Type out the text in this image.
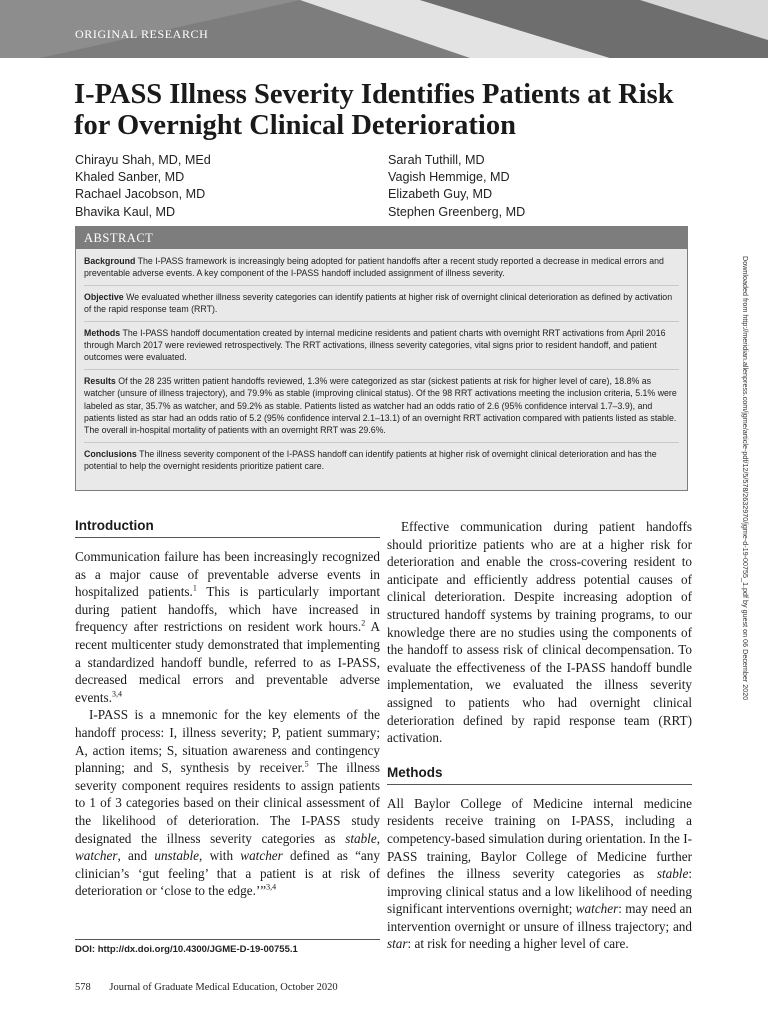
ORIGINAL RESEARCH
I-PASS Illness Severity Identifies Patients at Risk for Overnight Clinical Deterioration
Chirayu Shah, MD, MEd
Khaled Sanber, MD
Rachael Jacobson, MD
Bhavika Kaul, MD
Sarah Tuthill, MD
Vagish Hemmige, MD
Elizabeth Guy, MD
Stephen Greenberg, MD
ABSTRACT

Background The I-PASS framework is increasingly being adopted for patient handoffs after a recent study reported a decrease in medical errors and preventable adverse events. A key component of the I-PASS handoff included assignment of illness severity.

Objective We evaluated whether illness severity categories can identify patients at higher risk of overnight clinical deterioration as defined by activation of the rapid response team (RRT).

Methods The I-PASS handoff documentation created by internal medicine residents and patient charts with overnight RRT activations from April 2016 through March 2017 were reviewed retrospectively. The RRT activations, illness severity categories, vital signs prior to resident handoff, and patient outcomes were evaluated.

Results Of the 28 235 written patient handoffs reviewed, 1.3% were categorized as star (sickest patients at risk for higher level of care), 18.8% as watcher (unsure of illness trajectory), and 79.9% as stable (improving clinical status). Of the 98 RRT activations meeting the inclusion criteria, 5.1% were labeled as star, 35.7% as watcher, and 59.2% as stable. Patients listed as watcher had an odds ratio of 2.6 (95% confidence interval 1.7–3.9), and patients listed as star had an odds ratio of 5.2 (95% confidence interval 2.1–13.1) of an overnight RRT activation compared with patients listed as stable. The overall in-hospital mortality of patients with an overnight RRT was 29.6%.

Conclusions The illness severity component of the I-PASS handoff can identify patients at higher risk of overnight clinical deterioration and has the potential to help the overnight residents prioritize patient care.

Introduction

Communication failure has been increasingly recognized as a major cause of preventable adverse events in hospitalized patients.$^1$ This is particularly important during patient handoffs, which have increased in frequency after restrictions on resident work hours.$^2$ A recent multicenter study demonstrated that implementing a standardized handoff bundle, referred to as I-PASS, decreased medical errors and preventable adverse events.$^{3,4}$

I-PASS is a mnemonic for the key elements of the handoff process: I, illness severity; P, patient summary; A, action items; S, situation awareness and contingency planning; and S, synthesis by receiver.$^5$ The illness severity component requires residents to assign patients to 1 of 3 categories based on their clinical assessment of the likelihood of deterioration. The I-PASS study designated the illness severity categories as stable, watcher, and unstable, with watcher defined as “any clinician’s ‘gut feeling’ that a patient is at risk of deterioration or ‘close to the edge.’”$^{3,4}$

Effective communication during patient handoffs should prioritize patients who are at a higher risk for deterioration and enable the cross-covering resident to anticipate and efficiently address potential causes of clinical deterioration. Despite increasing adoption of structured handoff systems by training programs, to our knowledge there are no studies using the components of the handoff to assess risk of clinical decompensation. To evaluate the effectiveness of the I-PASS handoff bundle implementation, we evaluated the illness severity assigned to patients who had overnight clinical deterioration defined by rapid response team (RRT) activation.

Methods

All Baylor College of Medicine internal medicine residents receive training on I-PASS, including a competency-based simulation during orientation. In the I-PASS training, Baylor College of Medicine further defines the illness severity categories as stable: improving clinical status and a low likelihood of needing significant interventions overnight; watcher: may need an intervention overnight or unsure of illness trajectory; and star: at risk for needing a higher level of care.

DOI: http://dx.doi.org/10.4300/JGME-D-19-00755.1
578 Journal of Graduate Medical Education, October 2020
Downloaded from http://meridian.allenpress.com/jgme/article-pdf/12/5/578/2632970/jgme-d-19-00755_1.pdf by guest on 06 December 2020
